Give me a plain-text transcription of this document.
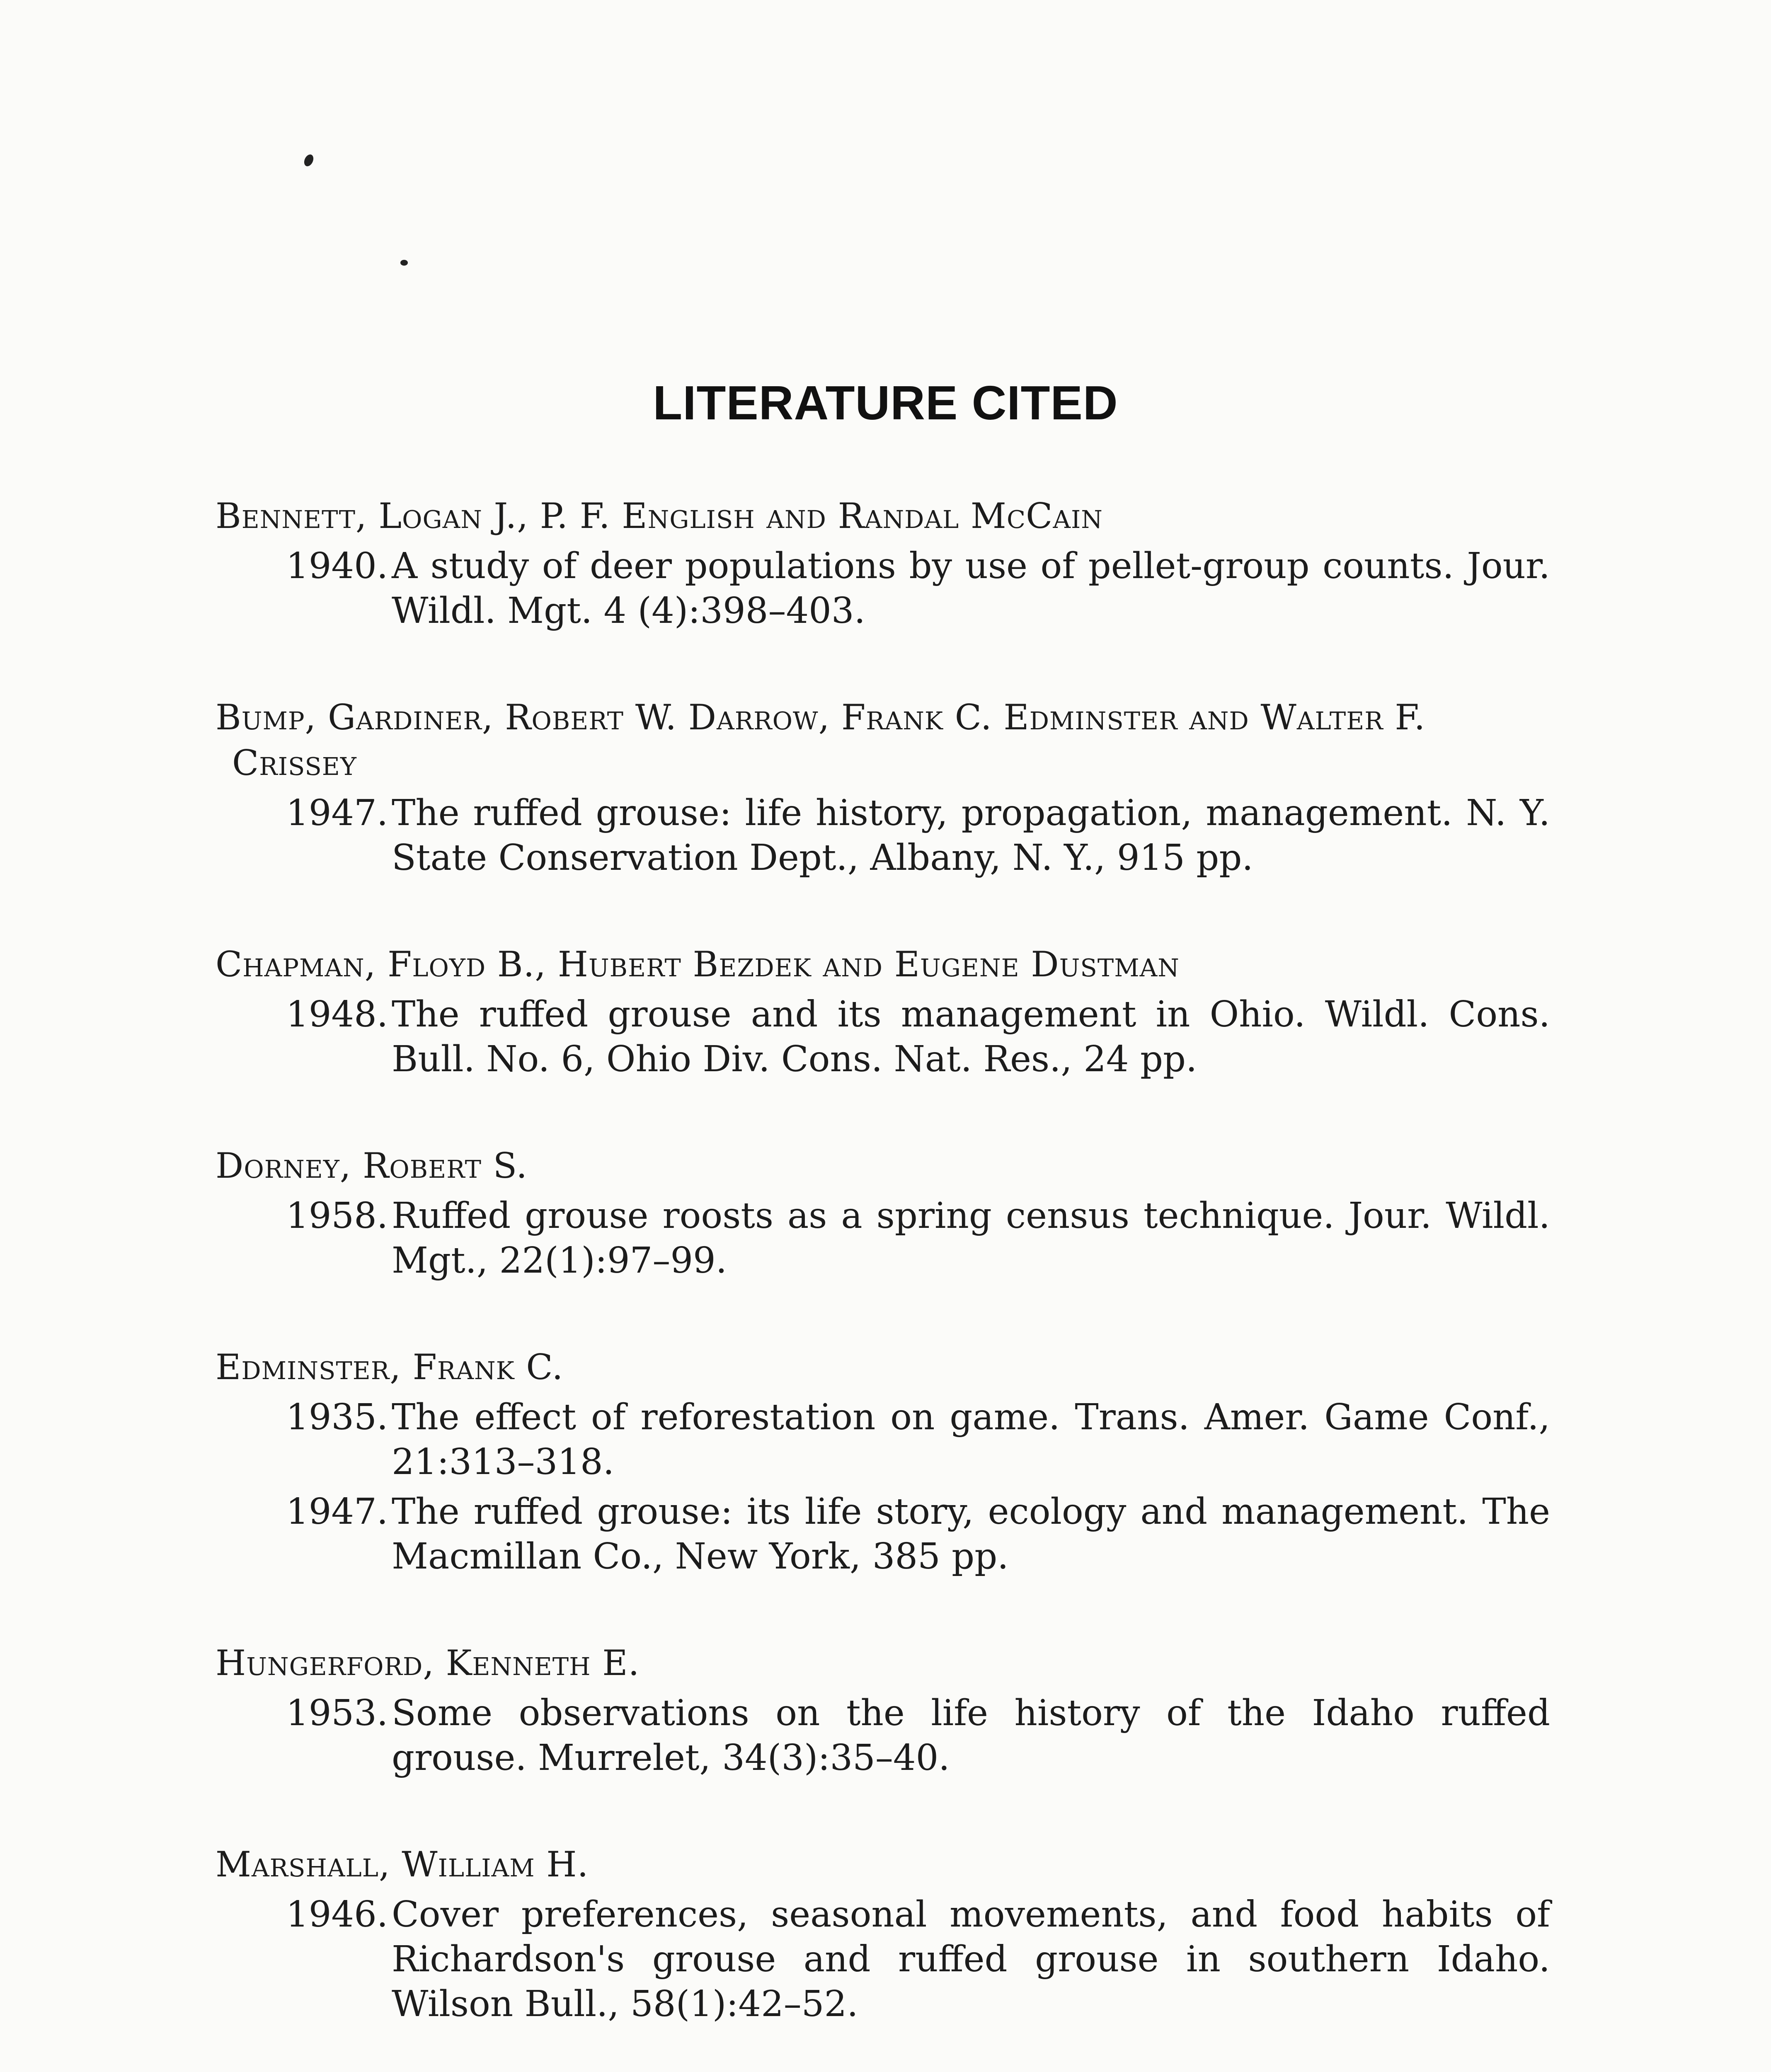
LITERATURE CITED
Bennett, Logan J., P. F. English and Randal McCain
1940. A study of deer populations by use of pellet-group counts. Jour. Wildl. Mgt. 4 (4):398–403.
Bump, Gardiner, Robert W. Darrow, Frank C. Edminster and Walter F.
Crissey
1947. The ruffed grouse: life history, propagation, management. N. Y. State Conservation Dept., Albany, N. Y., 915 pp.
Chapman, Floyd B., Hubert Bezdek and Eugene Dustman
1948. The ruffed grouse and its management in Ohio. Wildl. Cons. Bull. No. 6, Ohio Div. Cons. Nat. Res., 24 pp.
Dorney, Robert S.
1958. Ruffed grouse roosts as a spring census technique. Jour. Wildl. Mgt., 22(1):97–99.
Edminster, Frank C.
1935. The effect of reforestation on game. Trans. Amer. Game Conf., 21:313–318.
1947. The ruffed grouse: its life story, ecology and management. The Macmillan Co., New York, 385 pp.
Hungerford, Kenneth E.
1953. Some observations on the life history of the Idaho ruffed grouse. Murrelet, 34(3):35–40.
Marshall, William H.
1946. Cover preferences, seasonal movements, and food habits of Richardson's grouse and ruffed grouse in southern Idaho. Wilson Bull., 58(1):42–52.
